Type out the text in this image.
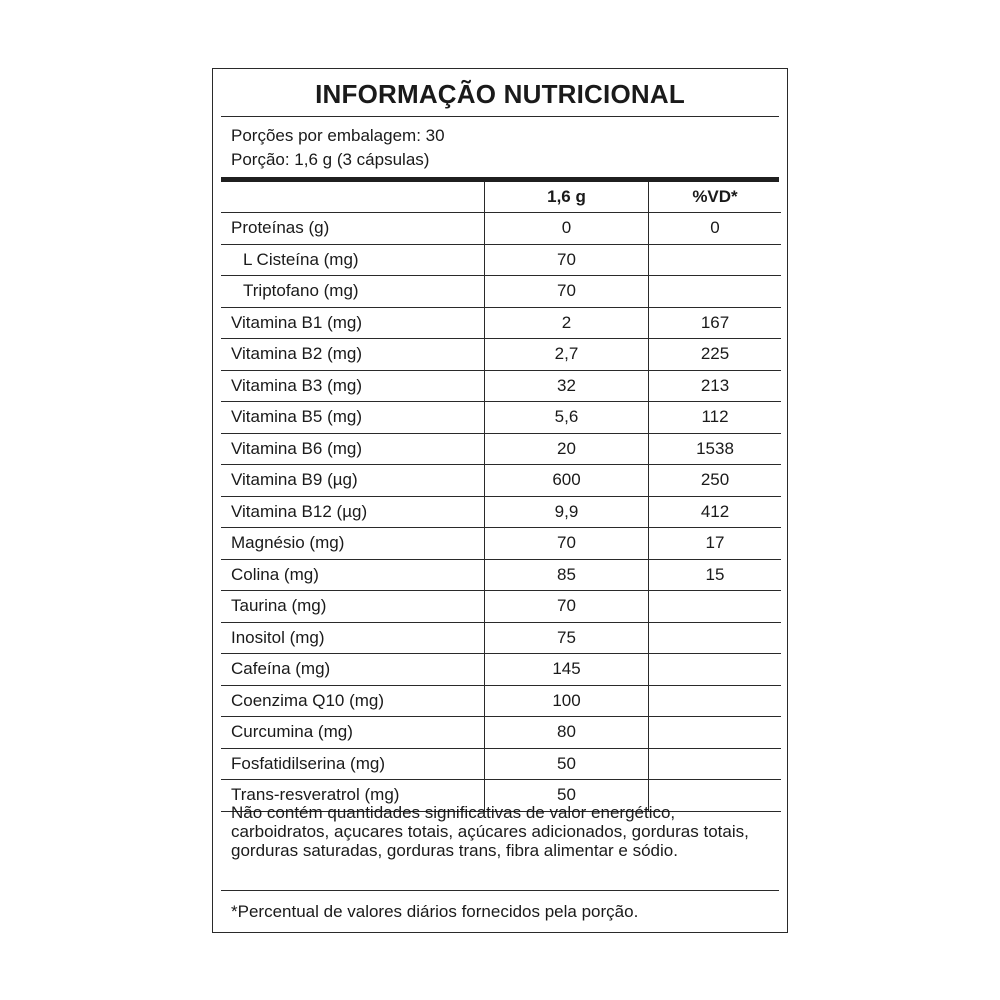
INFORMAÇÃO NUTRICIONAL
Porções por embalagem: 30
Porção: 1,6 g (3 cápsulas)
	1,6 g	%VD*
Proteínas (g)	0	0
L Cisteína (mg)	70	
Triptofano (mg)	70	
Vitamina B1 (mg)	2	167
Vitamina B2 (mg)	2,7	225
Vitamina B3 (mg)	32	213
Vitamina B5 (mg)	5,6	112
Vitamina B6 (mg)	20	1538
Vitamina B9 (µg)	600	250
Vitamina B12 (µg)	9,9	412
Magnésio (mg)	70	17
Colina (mg)	85	15
Taurina (mg)	70	
Inositol (mg)	75	
Cafeína (mg)	145	
Coenzima Q10 (mg)	100	
Curcumina (mg)	80	
Fosfatidilserina (mg)	50	
Trans-resveratrol (mg)	50	
Não contém quantidades significativas de valor energético, carboidratos, açucares totais, açúcares adicionados, gorduras totais, gorduras saturadas, gorduras trans, fibra alimentar e sódio.
*Percentual de valores diários fornecidos pela porção.
